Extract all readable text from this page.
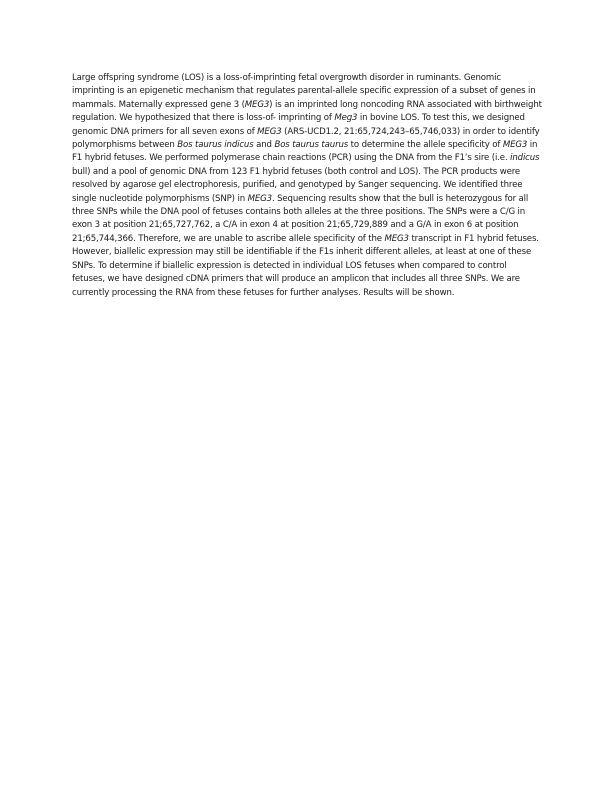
Large offspring syndrome (LOS) is a loss-of-imprinting fetal overgrowth disorder in ruminants. Genomic imprinting is an epigenetic mechanism that regulates parental-allele specific expression of a subset of genes in mammals. Maternally expressed gene 3 (MEG3) is an imprinted long noncoding RNA associated with birthweight regulation. We hypothesized that there is loss-of- imprinting of Meg3 in bovine LOS. To test this, we designed genomic DNA primers for all seven exons of MEG3 (ARS-UCD1.2, 21:65,724,243–65,746,033) in order to identify polymorphisms between Bos taurus indicus and Bos taurus taurus to determine the allele specificity of MEG3 in F1 hybrid fetuses. We performed polymerase chain reactions (PCR) using the DNA from the F1’s sire (i.e. indicus bull) and a pool of genomic DNA from 123 F1 hybrid fetuses (both control and LOS). The PCR products were resolved by agarose gel electrophoresis, purified, and genotyped by Sanger sequencing. We identified three single nucleotide polymorphisms (SNP) in MEG3. Sequencing results show that the bull is heterozygous for all three SNPs while the DNA pool of fetuses contains both alleles at the three positions. The SNPs were a C/G in exon 3 at position 21;65,727,762, a C/A in exon 4 at position 21;65,729,889 and a G/A in exon 6 at position 21;65,744,366. Therefore, we are unable to ascribe allele specificity of the MEG3 transcript in F1 hybrid fetuses. However, biallelic expression may still be identifiable if the F1s inherit different alleles, at least at one of these SNPs. To determine if biallelic expression is detected in individual LOS fetuses when compared to control fetuses, we have designed cDNA primers that will produce an amplicon that includes all three SNPs. We are currently processing the RNA from these fetuses for further analyses. Results will be shown.
